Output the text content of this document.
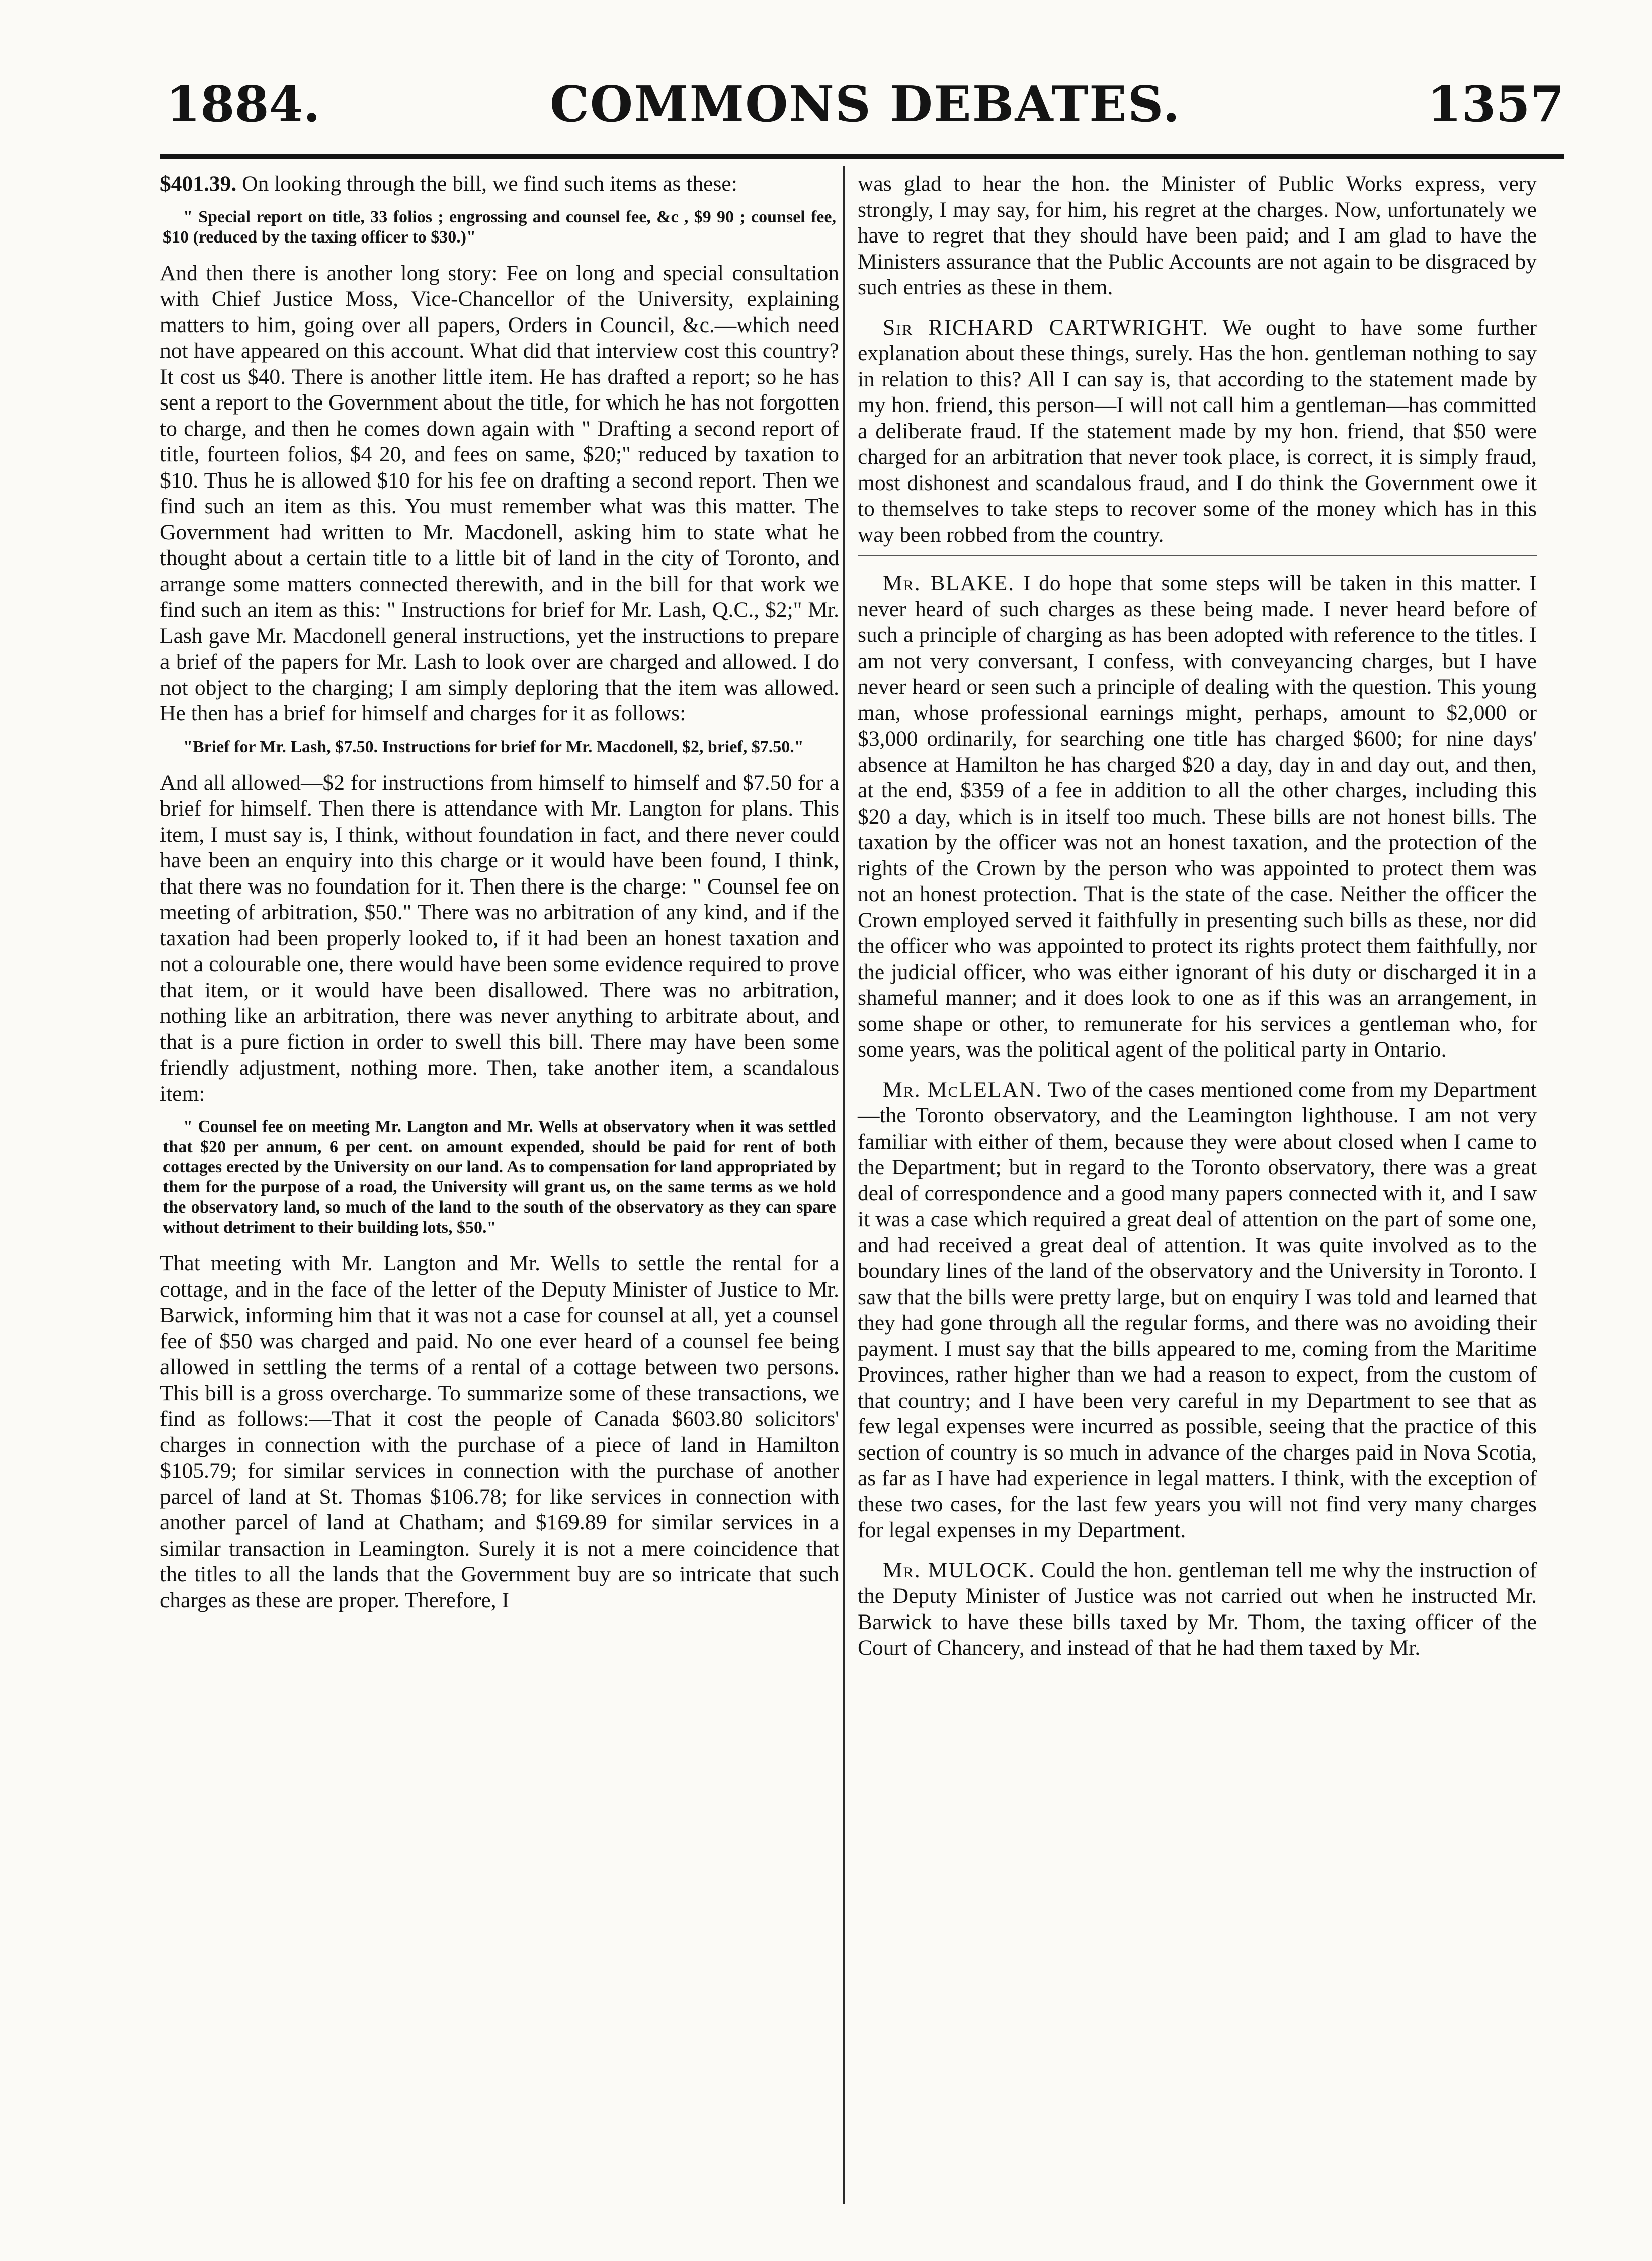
1884.	COMMONS DEBATES.	1357

$401.39. On looking through the bill, we find such items as these:

" Special report on title, 33 folios ; engrossing and counsel fee, &c , $9 90 ; counsel fee, $10 (reduced by the taxing officer to $30.)"

And then there is another long story: Fee on long and special consultation with Chief Justice Moss, Vice-Chancellor of the University, explaining matters to him, going over all papers, Orders in Council, &c.—which need not have appeared on this account. What did that interview cost this country? It cost us $40. There is another little item. He has drafted a report; so he has sent a report to the Government about the title, for which he has not forgotten to charge, and then he comes down again with " Drafting a second report of title, fourteen folios, $4 20, and fees on same, $20;" reduced by taxation to $10. Thus he is allowed $10 for his fee on drafting a second report. Then we find such an item as this. You must remember what was this matter. The Government had written to Mr. Macdonell, asking him to state what he thought about a certain title to a little bit of land in the city of Toronto, and arrange some matters connected therewith, and in the bill for that work we find such an item as this: " Instructions for brief for Mr. Lash, Q.C., $2;" Mr. Lash gave Mr. Macdonell general instructions, yet the instructions to prepare a brief of the papers for Mr. Lash to look over are charged and allowed. I do not object to the charging; I am simply deploring that the item was allowed. He then has a brief for himself and charges for it as follows:

"Brief for Mr. Lash, $7.50. Instructions for brief for Mr. Macdonell, $2, brief, $7.50."

And all allowed—$2 for instructions from himself to himself and $7.50 for a brief for himself. Then there is attendance with Mr. Langton for plans. This item, I must say is, I think, without foundation in fact, and there never could have been an enquiry into this charge or it would have been found, I think, that there was no foundation for it. Then there is the charge: " Counsel fee on meeting of arbitration, $50." There was no arbitration of any kind, and if the taxation had been properly looked to, if it had been an honest taxation and not a colourable one, there would have been some evidence required to prove that item, or it would have been disallowed. There was no arbitration, nothing like an arbitration, there was never anything to arbitrate about, and that is a pure fiction in order to swell this bill. There may have been some friendly adjustment, nothing more. Then, take another item, a scandalous item:

" Counsel fee on meeting Mr. Langton and Mr. Wells at observatory when it was settled that $20 per annum, 6 per cent. on amount expended, should be paid for rent of both cottages erected by the University on our land. As to compensation for land appropriated by them for the purpose of a road, the University will grant us, on the same terms as we hold the observatory land, so much of the land to the south of the observatory as they can spare without detriment to their building lots, $50."

That meeting with Mr. Langton and Mr. Wells to settle the rental for a cottage, and in the face of the letter of the Deputy Minister of Justice to Mr. Barwick, informing him that it was not a case for counsel at all, yet a counsel fee of $50 was charged and paid. No one ever heard of a counsel fee being allowed in settling the terms of a rental of a cottage between two persons. This bill is a gross overcharge. To summarize some of these transactions, we find as follows:—That it cost the people of Canada $603.80 solicitors' charges in connection with the purchase of a piece of land in Hamilton $105.79; for similar services in connection with the purchase of another parcel of land at St. Thomas $106.78; for like services in connection with another parcel of land at Chatham; and $169.89 for similar services in a similar transaction in Leamington. Surely it is not a mere coincidence that the titles to all the lands that the Government buy are so intricate that such charges as these are proper. Therefore, I

was glad to hear the hon. the Minister of Public Works express, very strongly, I may say, for him, his regret at the charges. Now, unfortunately we have to regret that they should have been paid; and I am glad to have the Ministers assurance that the Public Accounts are not again to be disgraced by such entries as these in them.

Sir RICHARD CARTWRIGHT. We ought to have some further explanation about these things, surely. Has the hon. gentleman nothing to say in relation to this? All I can say is, that according to the statement made by my hon. friend, this person—I will not call him a gentleman—has committed a deliberate fraud. If the statement made by my hon. friend, that $50 were charged for an arbitration that never took place, is correct, it is simply fraud, most dishonest and scandalous fraud, and I do think the Government owe it to themselves to take steps to recover some of the money which has in this way been robbed from the country.

Mr. BLAKE. I do hope that some steps will be taken in this matter. I never heard of such charges as these being made. I never heard before of such a principle of charging as has been adopted with reference to the titles. I am not very conversant, I confess, with conveyancing charges, but I have never heard or seen such a principle of dealing with the question. This young man, whose professional earnings might, perhaps, amount to $2,000 or $3,000 ordinarily, for searching one title has charged $600; for nine days' absence at Hamilton he has charged $20 a day, day in and day out, and then, at the end, $359 of a fee in addition to all the other charges, including this $20 a day, which is in itself too much. These bills are not honest bills. The taxation by the officer was not an honest taxation, and the protection of the rights of the Crown by the person who was appointed to protect them was not an honest protection. That is the state of the case. Neither the officer the Crown employed served it faithfully in presenting such bills as these, nor did the officer who was appointed to protect its rights protect them faithfully, nor the judicial officer, who was either ignorant of his duty or discharged it in a shameful manner; and it does look to one as if this was an arrangement, in some shape or other, to remunerate for his services a gentleman who, for some years, was the political agent of the political party in Ontario.

Mr. McLELAN. Two of the cases mentioned come from my Department—the Toronto observatory, and the Leamington lighthouse. I am not very familiar with either of them, because they were about closed when I came to the Department; but in regard to the Toronto observatory, there was a great deal of correspondence and a good many papers connected with it, and I saw it was a case which required a great deal of attention on the part of some one, and had received a great deal of attention. It was quite involved as to the boundary lines of the land of the observatory and the University in Toronto. I saw that the bills were pretty large, but on enquiry I was told and learned that they had gone through all the regular forms, and there was no avoiding their payment. I must say that the bills appeared to me, coming from the Maritime Provinces, rather higher than we had a reason to expect, from the custom of that country; and I have been very careful in my Department to see that as few legal expenses were incurred as possible, seeing that the practice of this section of country is so much in advance of the charges paid in Nova Scotia, as far as I have had experience in legal matters. I think, with the exception of these two cases, for the last few years you will not find very many charges for legal expenses in my Department.

Mr. MULOCK. Could the hon. gentleman tell me why the instruction of the Deputy Minister of Justice was not carried out when he instructed Mr. Barwick to have these bills taxed by Mr. Thom, the taxing officer of the Court of Chancery, and instead of that he had them taxed by Mr.
